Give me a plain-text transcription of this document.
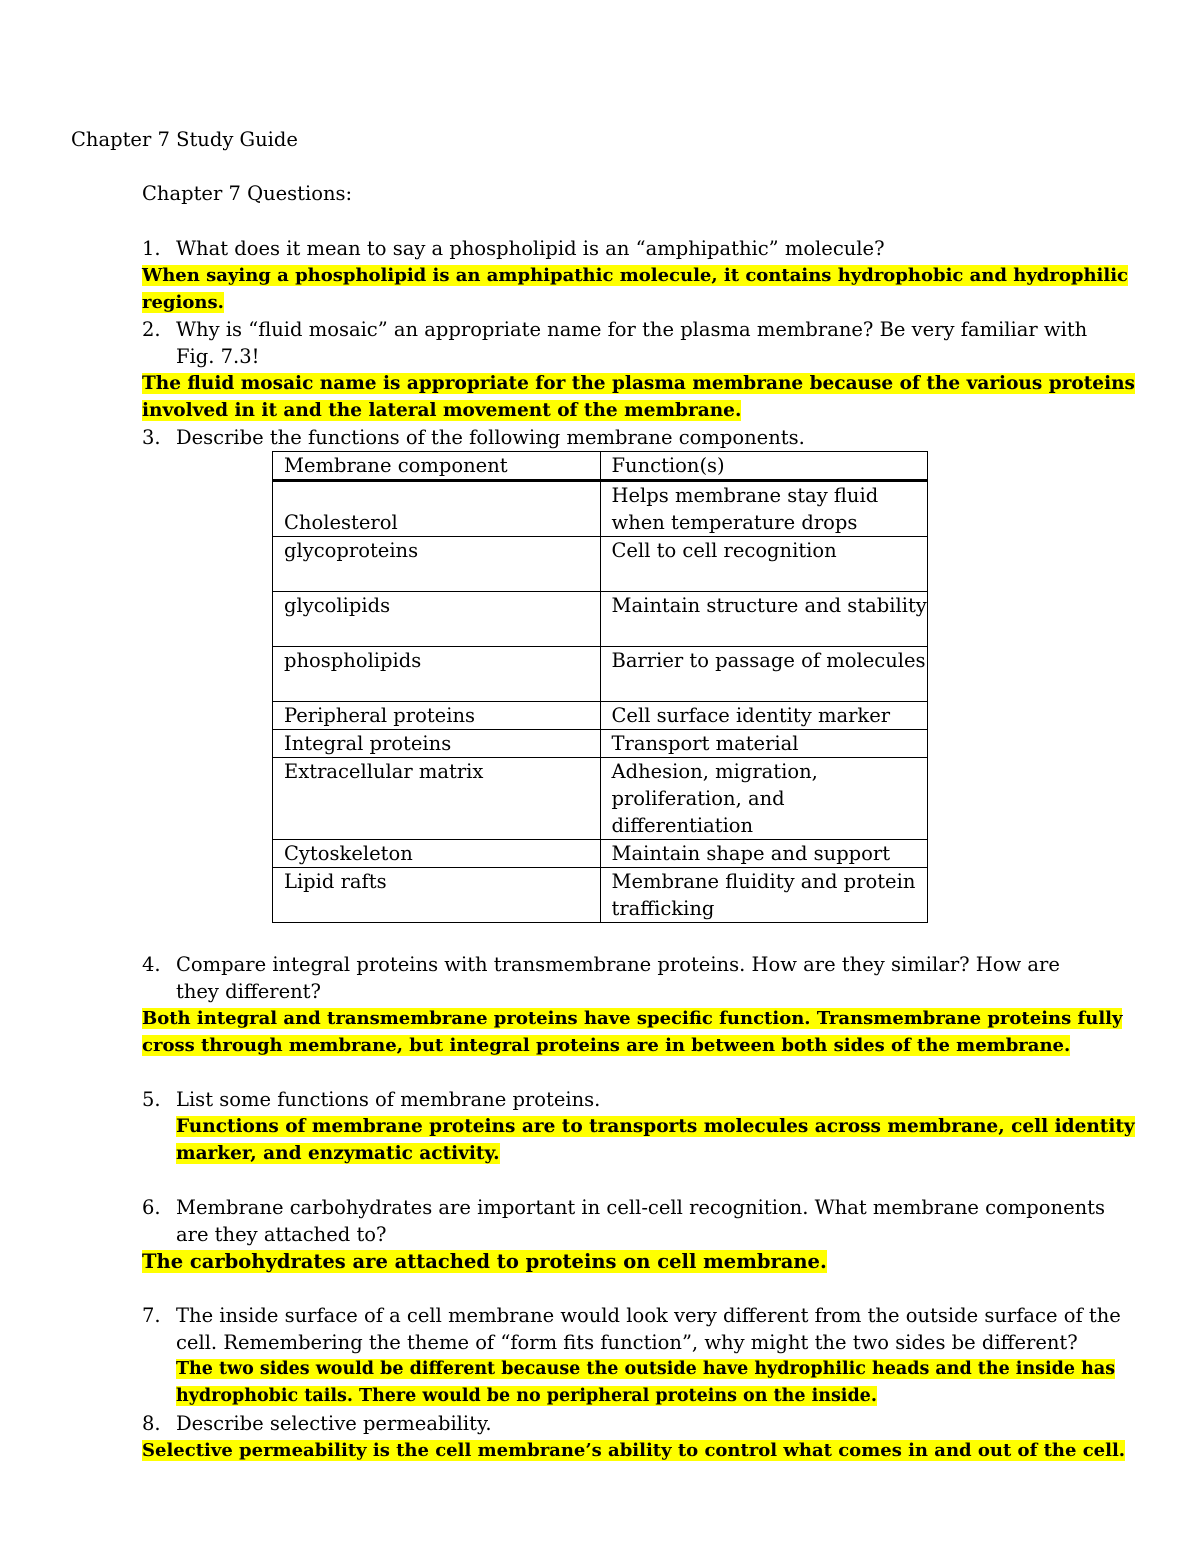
Chapter 7 Study Guide
Chapter 7 Questions:
1. What does it mean to say a phospholipid is an “amphipathic” molecule?
When saying a phospholipid is an amphipathic molecule, it contains hydrophobic and hydrophilic
regions.
2. Why is “fluid mosaic” an appropriate name for the plasma membrane? Be very familiar with
Fig. 7.3!
The fluid mosaic name is appropriate for the plasma membrane because of the various proteins
involved in it and the lateral movement of the membrane.
3. Describe the functions of the following membrane components.
Membrane component	Function(s)
Cholesterol	Helps membrane stay fluid when temperature drops
glycoproteins	Cell to cell recognition
glycolipids	Maintain structure and stability
phospholipids	Barrier to passage of molecules
Peripheral proteins	Cell surface identity marker
Integral proteins	Transport material
Extracellular matrix	Adhesion, migration, proliferation, and differentiation
Cytoskeleton	Maintain shape and support
Lipid rafts	Membrane fluidity and protein trafficking
4. Compare integral proteins with transmembrane proteins. How are they similar? How are
they different?
Both integral and transmembrane proteins have specific function. Transmembrane proteins fully
cross through membrane, but integral proteins are in between both sides of the membrane.
5. List some functions of membrane proteins.
Functions of membrane proteins are to transports molecules across membrane, cell identity
marker, and enzymatic activity.
6. Membrane carbohydrates are important in cell-cell recognition. What membrane components
are they attached to?
The carbohydrates are attached to proteins on cell membrane.
7. The inside surface of a cell membrane would look very different from the outside surface of the
cell. Remembering the theme of “form fits function”, why might the two sides be different?
The two sides would be different because the outside have hydrophilic heads and the inside has
hydrophobic tails. There would be no peripheral proteins on the inside.
8. Describe selective permeability.
Selective permeability is the cell membrane’s ability to control what comes in and out of the cell.
